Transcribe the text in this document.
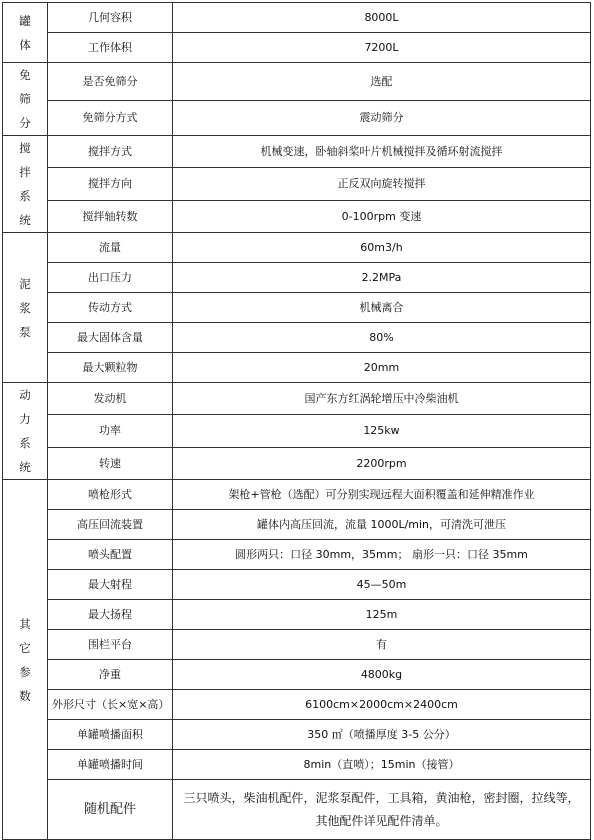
罐体	几何容积	8000L
	工作体积	7200L
免筛分	是否免筛分	选配
	免筛分方式	震动筛分
搅拌系统	搅拌方式	机械变速，卧轴斜桨叶片机械搅拌及循环射流搅拌
	搅拌方向	正反双向旋转搅拌
	搅拌轴转数	0-100rpm 变速
泥浆泵	流量	60m3/h
	出口压力	2.2MPa
	传动方式	机械离合
	最大固体含量	80%
	最大颗粒物	20mm
动力系统	发动机	国产东方红涡轮增压中冷柴油机
	功率	125kw
	转速	2200rpm
其它参数	喷枪形式	架枪+管枪（选配）可分别实现远程大面积覆盖和延伸精准作业
	高压回流装置	罐体内高压回流，流量 1000L/min，可清洗可泄压
	喷头配置	圆形两只：口径 30mm，35mm； 扇形一只：口径 35mm
	最大射程	45—50m
	最大扬程	125m
	围栏平台	有
	净重	4800kg
	外形尺寸（长×宽×高）	6100cm×2000cm×2400cm
	单罐喷播面积	350 ㎡（喷播厚度 3-5 公分）
	单罐喷播时间	8min（直喷）；15min（接管）
	随机配件	三只喷头，柴油机配件，泥浆泵配件，工具箱，黄油枪，密封圈，拉线等，其他配件详见配件清单。
